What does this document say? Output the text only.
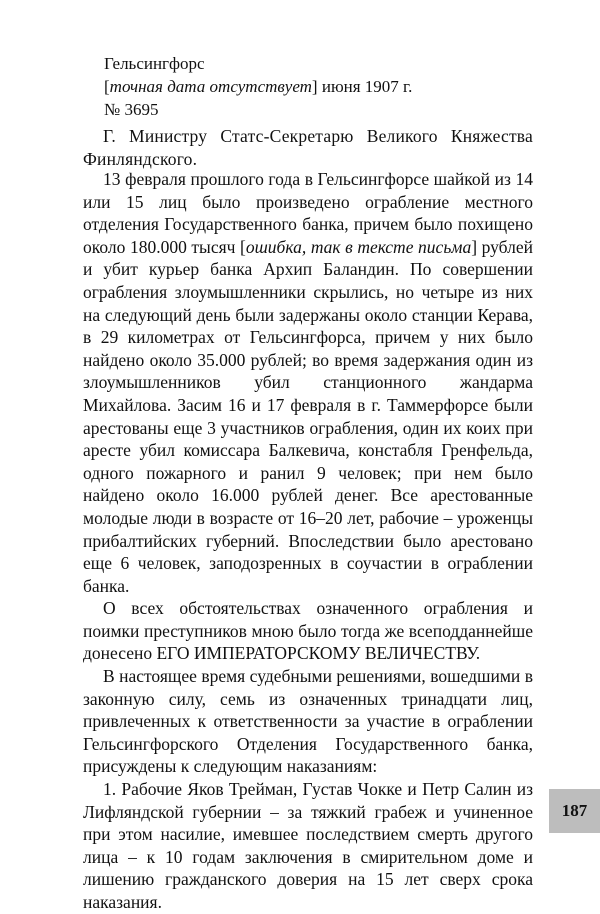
Гельсингфорс
[точная дата отсутствует] июня 1907 г.
№ 3695
Г. Министру Статс-Секретарю Великого Княжества Финляндского.

13 февраля прошлого года в Гельсингфорсе шайкой из 14 или 15 лиц было произведено ограбление местного отделения Государственного банка, причем было похищено около 180.000 тысяч [ошибка, так в тексте письма] рублей и убит курьер банка Архип Баландин. По совершении ограбления злоумышленники скрылись, но четыре из них на следующий день были задержаны около станции Керава, в 29 километрах от Гельсингфорса, причем у них было найдено около 35.000 рублей; во время задержания один из злоумышленников убил станционного жандарма Михайлова. Засим 16 и 17 февраля в г. Таммерфорсе были арестованы еще 3 участников ограбления, один их коих при аресте убил комиссара Балкевича, констабля Гренфельда, одного пожарного и ранил 9 человек; при нем было найдено около 16.000 рублей денег. Все арестованные молодые люди в возрасте от 16–20 лет, рабочие – уроженцы прибалтийских губерний. Впоследствии было арестовано еще 6 человек, заподозренных в соучастии в ограблении банка.

О всех обстоятельствах означенного ограбления и поимки преступников мною было тогда же всеподданнейше донесено ЕГО ИМПЕРАТОРСКОМУ ВЕЛИЧЕСТВУ.

В настоящее время судебными решениями, вошедшими в законную силу, семь из означенных тринадцати лиц, привлеченных к ответственности за участие в ограблении Гельсингфорского Отделения Государственного банка, присуждены к следующим наказаниям:

1. Рабочие Яков Трейман, Густав Чокке и Петр Салин из Лифляндской губернии – за тяжкий грабеж и учиненное при этом насилие, имевшее последствием смерть другого лица – к 10 годам заключения в смирительном доме и лишению гражданского доверия на 15 лет сверх срока наказания.

187
